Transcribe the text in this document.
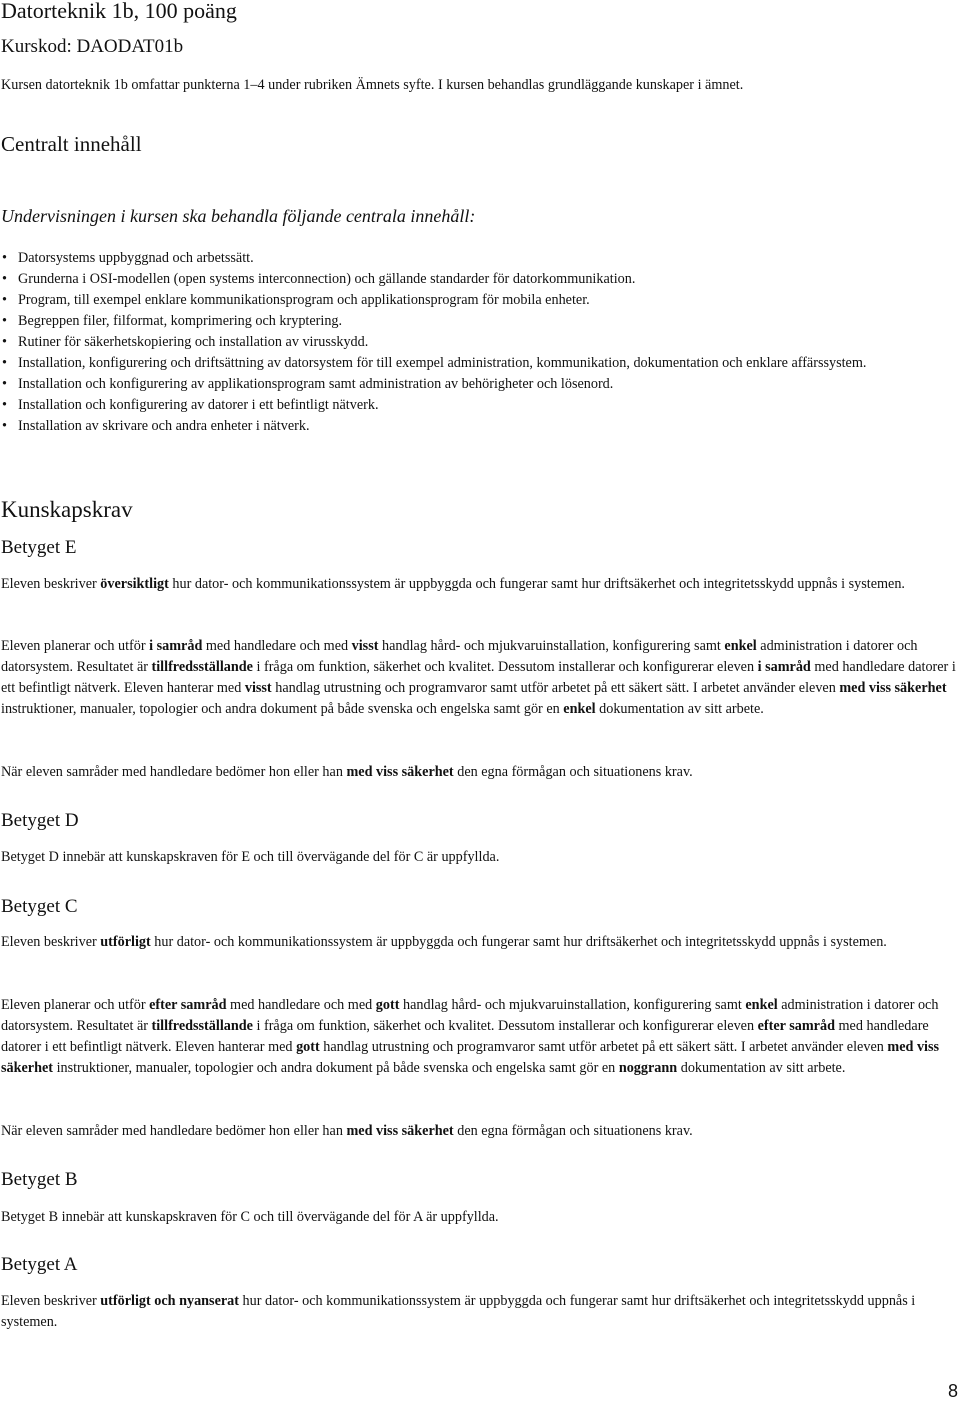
Datorteknik 1b, 100 poäng
Kurskod: DAODAT01b
Kursen datorteknik 1b omfattar punkterna 1–4 under rubriken Ämnets syfte. I kursen behandlas grundläggande kunskaper i ämnet.
Centralt innehåll
Undervisningen i kursen ska behandla följande centrala innehåll:
• Datorsystems uppbyggnad och arbetssätt.
• Grunderna i OSI-modellen (open systems interconnection) och gällande standarder för datorkommunikation.
• Program, till exempel enklare kommunikationsprogram och applikationsprogram för mobila enheter.
• Begreppen filer, filformat, komprimering och kryptering.
• Rutiner för säkerhetskopiering och installation av virusskydd.
• Installation, konfigurering och driftsättning av datorsystem för till exempel administration, kommunikation, dokumentation och enklare affärssystem.
• Installation och konfigurering av applikationsprogram samt administration av behörigheter och lösenord.
• Installation och konfigurering av datorer i ett befintligt nätverk.
• Installation av skrivare och andra enheter i nätverk.
Kunskapskrav
Betyget E
Eleven beskriver översiktligt hur dator- och kommunikationssystem är uppbyggda och fungerar samt hur driftsäkerhet och integritetsskydd uppnås i systemen.
Eleven planerar och utför i samråd med handledare och med visst handlag hård- och mjukvaruinstallation, konfigurering samt enkel administration i datorer och datorsystem. Resultatet är tillfredsställande i fråga om funktion, säkerhet och kvalitet. Dessutom installerar och konfigurerar eleven i samråd med handledare datorer i ett befintligt nätverk. Eleven hanterar med visst handlag utrustning och programvaror samt utför arbetet på ett säkert sätt. I arbetet använder eleven med viss säkerhet instruktioner, manualer, topologier och andra dokument på både svenska och engelska samt gör en enkel dokumentation av sitt arbete.
När eleven samråder med handledare bedömer hon eller han med viss säkerhet den egna förmågan och situationens krav.
Betyget D
Betyget D innebär att kunskapskraven för E och till övervägande del för C är uppfyllda.
Betyget C
Eleven beskriver utförligt hur dator- och kommunikationssystem är uppbyggda och fungerar samt hur driftsäkerhet och integritetsskydd uppnås i systemen.
Eleven planerar och utför efter samråd med handledare och med gott handlag hård- och mjukvaruinstallation, konfigurering samt enkel administration i datorer och datorsystem. Resultatet är tillfredsställande i fråga om funktion, säkerhet och kvalitet. Dessutom installerar och konfigurerar eleven efter samråd med handledare datorer i ett befintligt nätverk. Eleven hanterar med gott handlag utrustning och programvaror samt utför arbetet på ett säkert sätt. I arbetet använder eleven med viss säkerhet instruktioner, manualer, topologier och andra dokument på både svenska och engelska samt gör en noggrann dokumentation av sitt arbete.
När eleven samråder med handledare bedömer hon eller han med viss säkerhet den egna förmågan och situationens krav.
Betyget B
Betyget B innebär att kunskapskraven för C och till övervägande del för A är uppfyllda.
Betyget A
Eleven beskriver utförligt och nyanserat hur dator- och kommunikationssystem är uppbyggda och fungerar samt hur driftsäkerhet och integritetsskydd uppnås i systemen.
8
